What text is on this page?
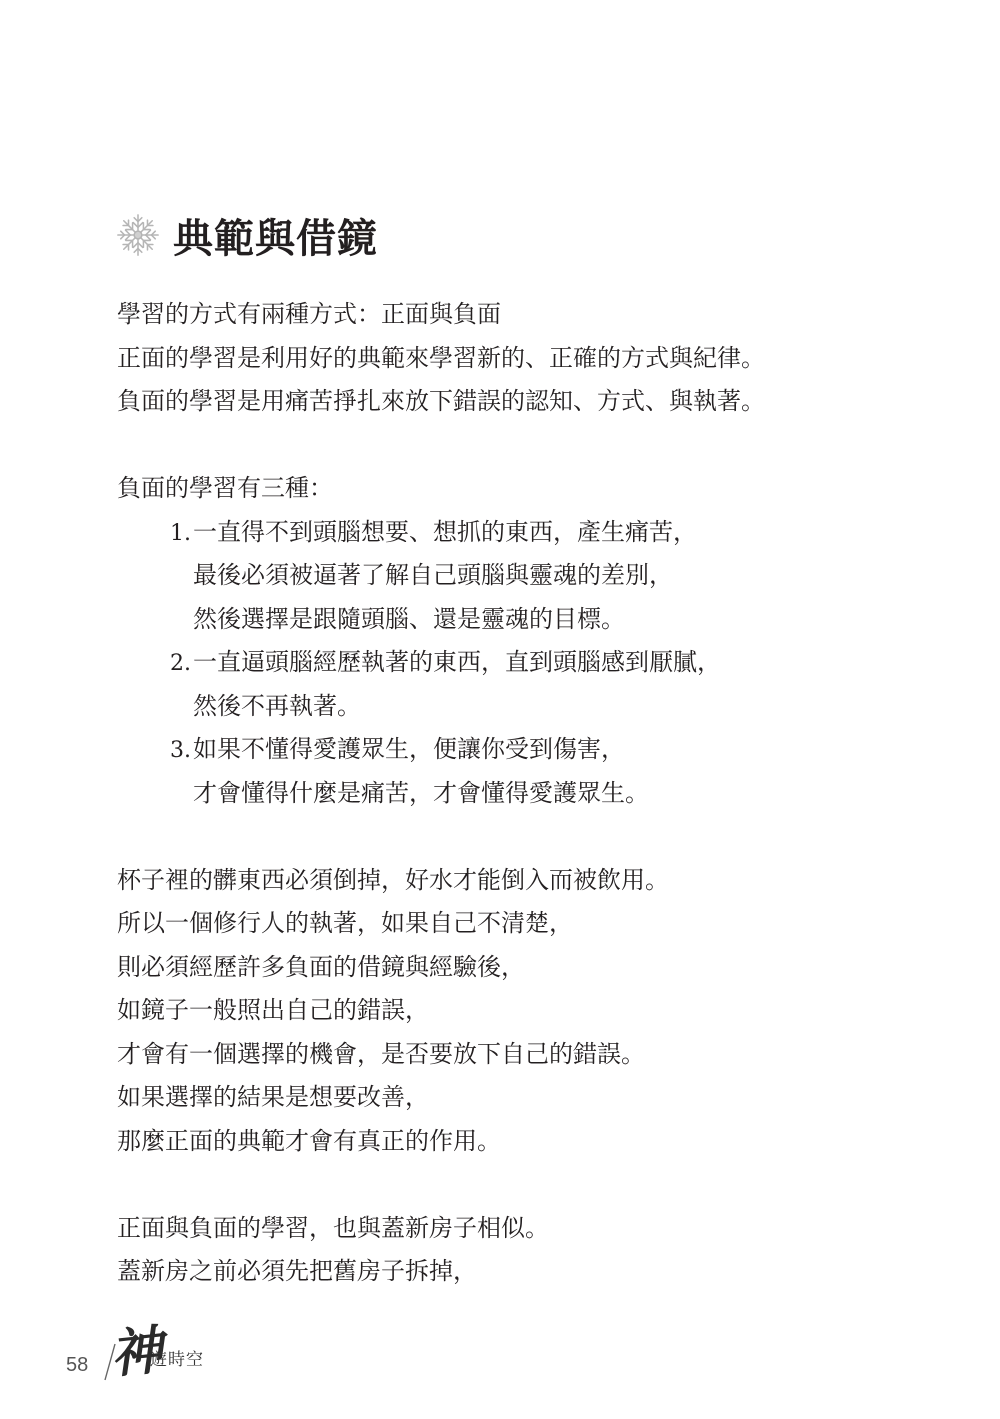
典範與借鏡
學習的方式有兩種方式：正面與負面
正面的學習是利用好的典範來學習新的、正確的方式與紀律。
負面的學習是用痛苦掙扎來放下錯誤的認知、方式、與執著。
負面的學習有三種：
1.一直得不到頭腦想要、想抓的東西，產生痛苦，
最後必須被逼著了解自己頭腦與靈魂的差別，
然後選擇是跟隨頭腦、還是靈魂的目標。
2.一直逼頭腦經歷執著的東西，直到頭腦感到厭膩，
然後不再執著。
3.如果不懂得愛護眾生，便讓你受到傷害，
才會懂得什麼是痛苦，才會懂得愛護眾生。
杯子裡的髒東西必須倒掉，好水才能倒入而被飲用。
所以一個修行人的執著，如果自己不清楚，
則必須經歷許多負面的借鏡與經驗後，
如鏡子一般照出自己的錯誤，
才會有一個選擇的機會，是否要放下自己的錯誤。
如果選擇的結果是想要改善，
那麼正面的典範才會有真正的作用。
正面與負面的學習，也與蓋新房子相似。
蓋新房之前必須先把舊房子拆掉，
58 神
遊時空
